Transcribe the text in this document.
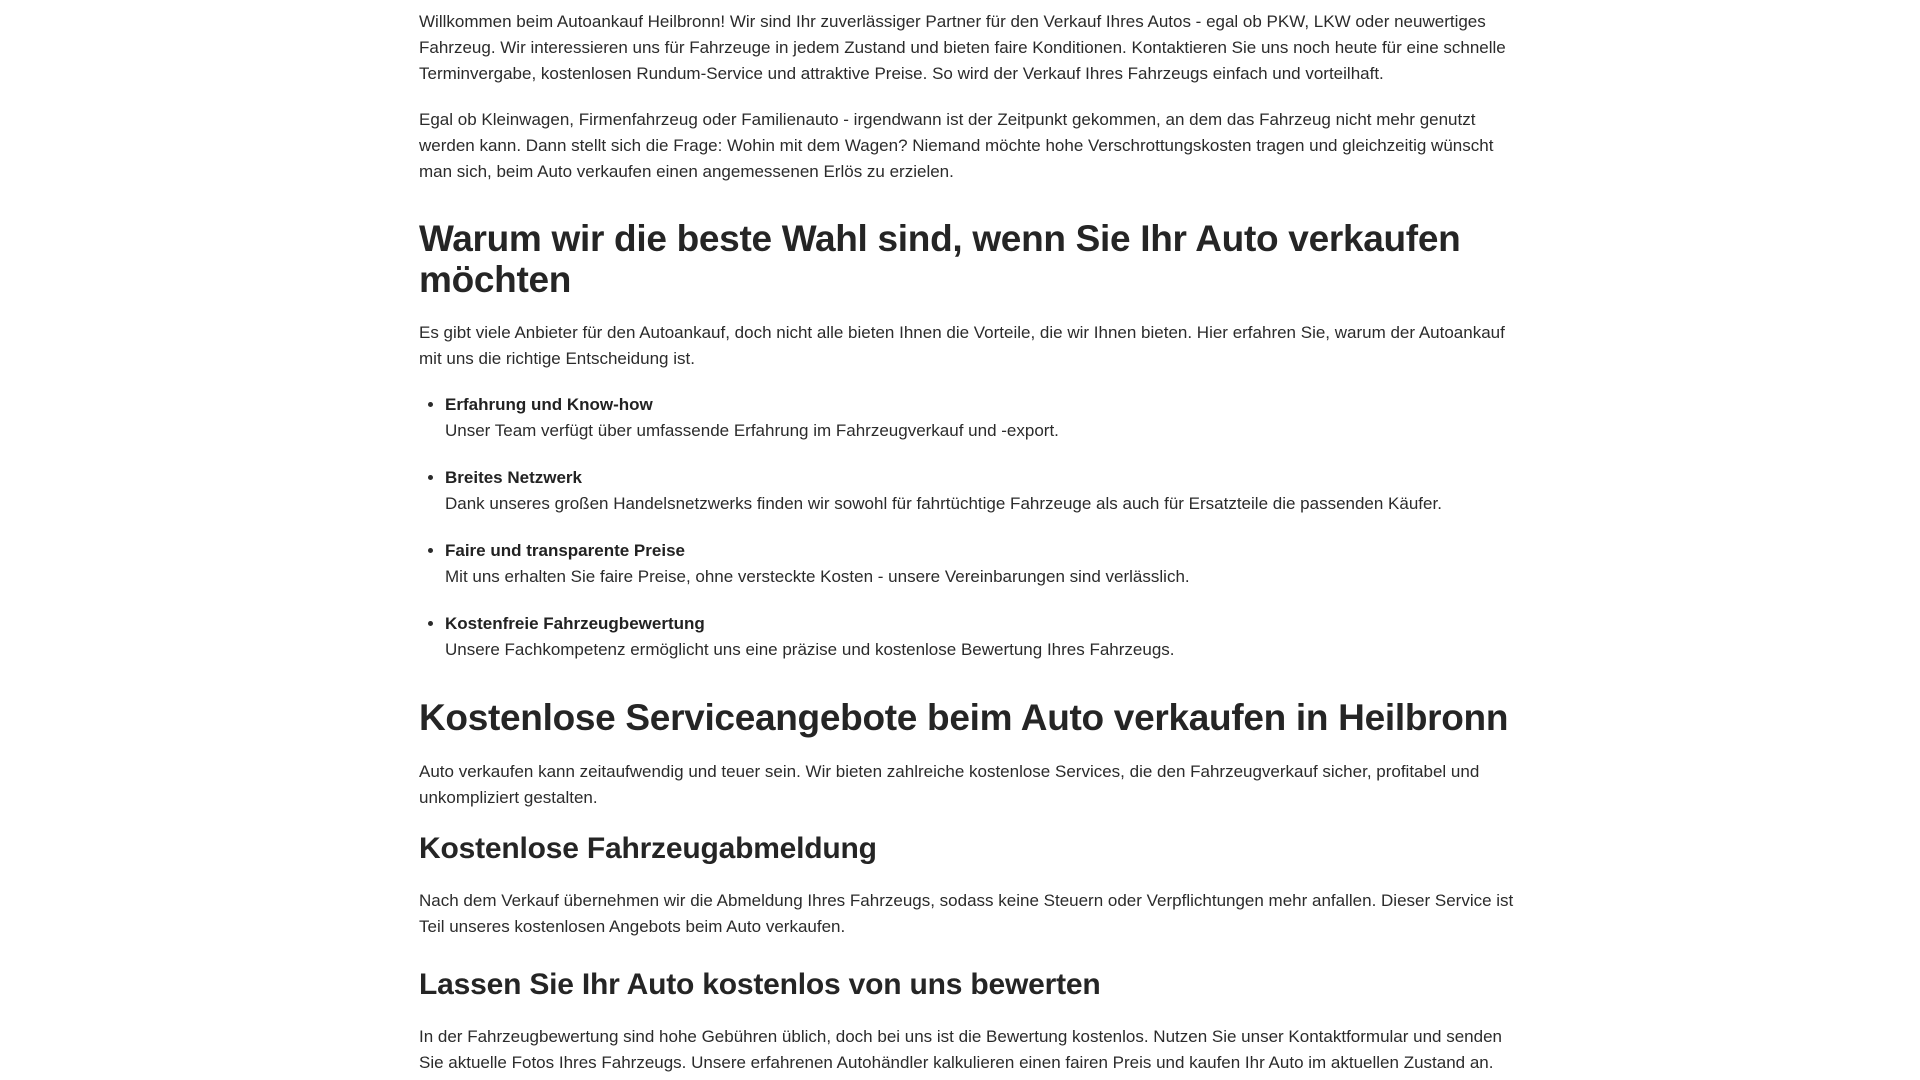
Willkommen beim Autoankauf Heilbronn! Wir sind Ihr zuverlässiger Partner für den Verkauf Ihres Autos - egal ob PKW, LKW oder neuwertiges Fahrzeug. Wir interessieren uns für Fahrzeuge in jedem Zustand und bieten faire Konditionen. Kontaktieren Sie uns noch heute für eine schnelle Terminvergabe, kostenlosen Rundum-Service und attraktive Preise. So wird der Verkauf Ihres Fahrzeugs einfach und vorteilhaft.

Egal ob Kleinwagen, Firmenfahrzeug oder Familienauto - irgendwann ist der Zeitpunkt gekommen, an dem das Fahrzeug nicht mehr genutzt werden kann. Dann stellt sich die Frage: Wohin mit dem Wagen? Niemand möchte hohe Verschrottungskosten tragen und gleichzeitig wünscht man sich, beim Auto verkaufen einen angemessenen Erlös zu erzielen.

Warum wir die beste Wahl sind, wenn Sie Ihr Auto verkaufen möchten

Es gibt viele Anbieter für den Autoankauf, doch nicht alle bieten Ihnen die Vorteile, die wir Ihnen bieten. Hier erfahren Sie, warum der Autoankauf mit uns die richtige Entscheidung ist.

• Erfahrung und Know-how
Unser Team verfügt über umfassende Erfahrung im Fahrzeugverkauf und -export.
• Breites Netzwerk
Dank unseres großen Handelsnetzwerks finden wir sowohl für fahrtüchtige Fahrzeuge als auch für Ersatzteile die passenden Käufer.
• Faire und transparente Preise
Mit uns erhalten Sie faire Preise, ohne versteckte Kosten - unsere Vereinbarungen sind verlässlich.
• Kostenfreie Fahrzeugbewertung
Unsere Fachkompetenz ermöglicht uns eine präzise und kostenlose Bewertung Ihres Fahrzeugs.
Kostenlose Serviceangebote beim Auto verkaufen in Heilbronn

Auto verkaufen kann zeitaufwendig und teuer sein. Wir bieten zahlreiche kostenlose Services, die den Fahrzeugverkauf sicher, profitabel und unkompliziert gestalten.

Kostenlose Fahrzeugabmeldung

Nach dem Verkauf übernehmen wir die Abmeldung Ihres Fahrzeugs, sodass keine Steuern oder Verpflichtungen mehr anfallen. Dieser Service ist Teil unseres kostenlosen Angebots beim Auto verkaufen.

Lassen Sie Ihr Auto kostenlos von uns bewerten

In der Fahrzeugbewertung sind hohe Gebühren üblich, doch bei uns ist die Bewertung kostenlos. Nutzen Sie unser Kontaktformular und senden Sie aktuelle Fotos Ihres Fahrzeugs. Unsere erfahrenen Autohändler kalkulieren einen fairen Preis und kaufen Ihr Auto im aktuellen Zustand an.
